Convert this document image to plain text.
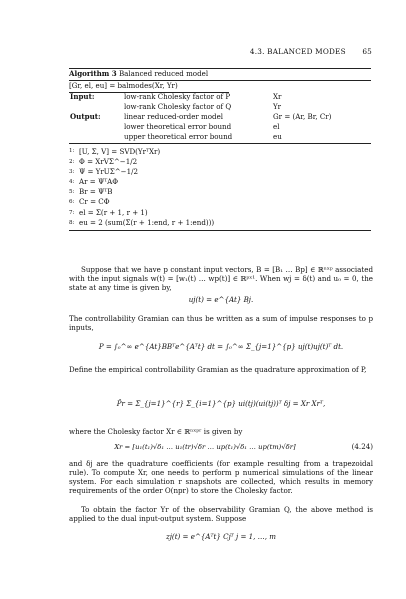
4.3. BALANCED MODES 65
Algorithm 3 Balanced reduced model
[Gr, el, eu] = balmodes(Xr, Yr)
Input:	low-rank Cholesky factor of P	Xr
low-rank Cholesky factor of Q	Yr
Output:	linear reduced-order model	Gr = (Ar, Br, Cr)
lower theoretical error bound	el
upper theoretical error bound	eu
1: [U, Σ, V] = SVD(YrᵀXr)
2: Φ = XrVΣ^−1/2
3: Ψ = YrUΣ^−1/2
4: Ar = ΨᵀAΦ
5: Br = ΨᵀB
6: Cr = CΦ
7: el = Σ(r + 1, r + 1)
8: eu = 2 (sum(Σ(r + 1:end, r + 1:end)))
Suppose that we have p constant input vectors, B = [B₁ … Bp] ∈ ℝⁿˣᵖ associated with the input signals w(t) = [w₁(t) … wp(t)] ∈ ℝᵖˣ¹. When wj = δ(t) and u₀ = 0, the state at any time is given by,
uj(t) = e^{At} Bj.
The controllability Gramian can thus be written as a sum of impulse responses to p inputs,
P = ∫₀^∞ e^{At}BBᵀe^{Aᵀt} dt = ∫₀^∞ Σ_{j=1}^{p} uj(t)uj(t)ᵀ dt.
Define the empirical controllability Gramian as the quadrature approximation of P,
P̂r = Σ_{j=1}^{r} Σ_{i=1}^{p} ui(tj)(ui(tj))ᵀ δj = Xr Xrᵀ,
where the Cholesky factor Xr ∈ ℝⁿˣᵖʳ is given by
Xr = [u₁(t₁)√δ₁ … u₁(tr)√δr … up(t₁)√δ₁ … up(tm)√δr]	(4.24)
and δj are the quadrature coefficients (for example resulting from a trapezoidal rule). To compute Xr, one needs to perform p numerical simulations of the linear system. For each simulation r snapshots are collected, which results in memory requirements of the order O(npr) to store the Cholesky factor.
To obtain the factor Yr of the observability Gramian Q, the above method is applied to the dual input-output system. Suppose
zj(t) = e^{Aᵀt} Cjᵀ j = 1, …, m
